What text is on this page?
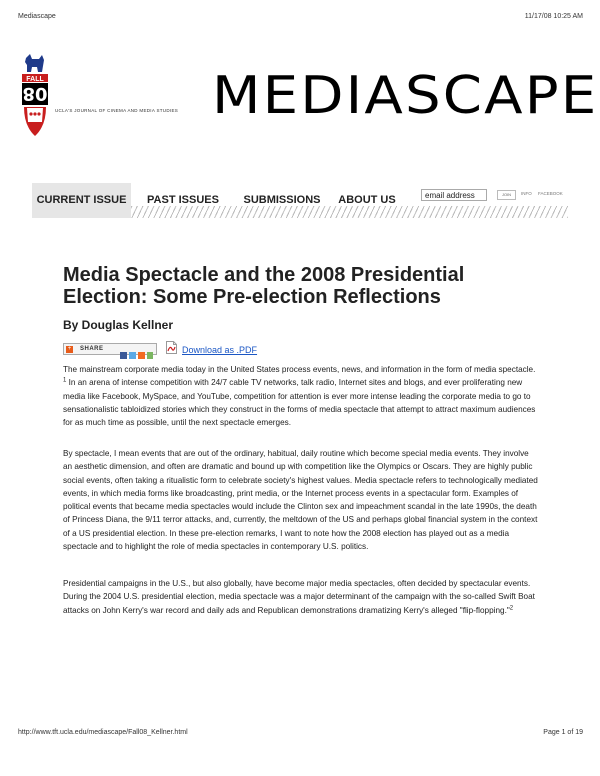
Mediascape	11/17/08 10:25 AM
FALL
08
UCLA'S JOURNAL OF CINEMA AND MEDIA STUDIES MEDIASCAPE
CURRENT ISSUE	PAST ISSUES	SUBMISSIONS	ABOUT US	email address	JOIN	INFO FACEBOOK
Media Spectacle and the 2008 Presidential Election: Some Pre-election Reflections
By Douglas Kellner
+ SHARE	Download as .PDF

The mainstream corporate media today in the United States process events, news, and information in the form of media spectacle. $^1$ In an arena of intense competition with 24/7 cable TV networks, talk radio, Internet sites and blogs, and ever proliferating new media like Facebook, MySpace, and YouTube, competition for attention is ever more intense leading the corporate media to go to sensationalistic tabloidized stories which they construct in the forms of media spectacle that attempt to attract maximum audiences for as much time as possible, until the next spectacle emerges.

By spectacle, I mean events that are out of the ordinary, habitual, daily routine which become special media events. They involve an aesthetic dimension, and often are dramatic and bound up with competition like the Olympics or Oscars. They are highly public social events, often taking a ritualistic form to celebrate society's highest values. Media spectacle refers to technologically mediated events, in which media forms like broadcasting, print media, or the Internet process events in a spectacular form. Examples of political events that became media spectacles would include the Clinton sex and impeachment scandal in the late 1990s, the death of Princess Diana, the 9/11 terror attacks, and, currently, the meltdown of the US and perhaps global financial system in the context of a US presidential election. In these pre-election remarks, I want to note how the 2008 election has played out as a media spectacle and to highlight the role of media spectacles in contemporary U.S. politics.

Presidential campaigns in the U.S., but also globally, have become major media spectacles, often decided by spectacular events. During the 2004 U.S. presidential election, media spectacle was a major determinant of the campaign with the so-called Swift Boat attacks on John Kerry's war record and daily ads and Republican demonstrations dramatizing Kerry's alleged "flip-flopping."$^2$

http://www.tft.ucla.edu/mediascape/Fall08_Kellner.html	Page 1 of 19
